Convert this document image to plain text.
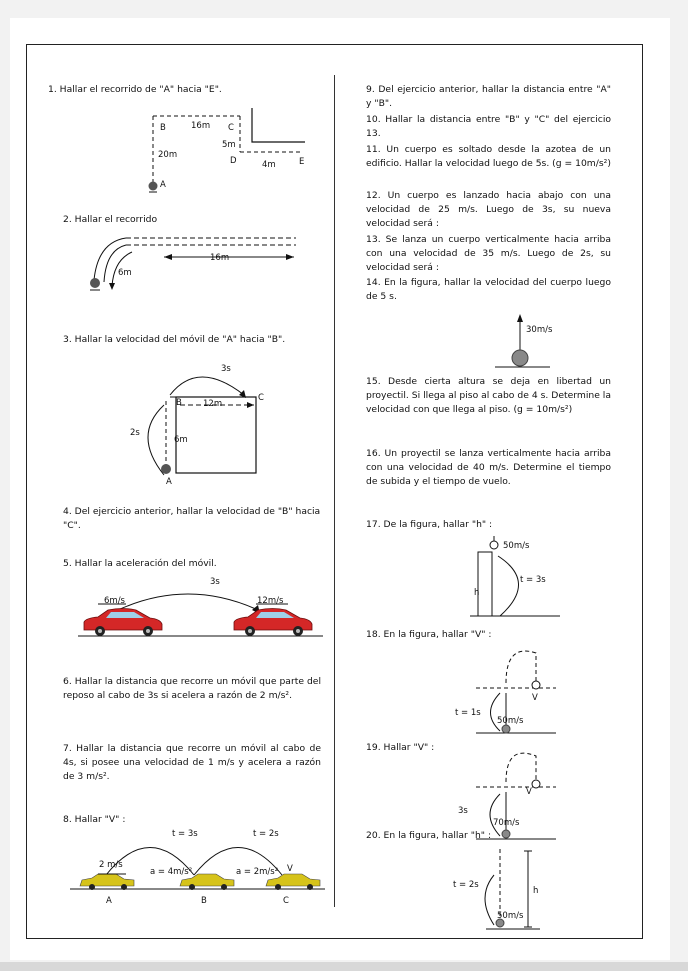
1. Hallar el recorrido de "A" hacia "E".
B	16m C
5m
20m
D	4m	E
A
2. Hallar el recorrido
16m
6m
3. Hallar la velocidad del móvil de "A" hacia "B".
3s
B 12m
C
2s
6m
A
4. Del ejercicio anterior, hallar la velocidad de "B" hacia "C".
5. Hallar la aceleración del móvil.
3s
6m/s	12m/s
6. Hallar la distancia que recorre un móvil que parte del reposo al cabo de 3s si acelera a razón de 2 m/s².
7. Hallar la distancia que recorre un móvil al cabo de 4s, si posee una velocidad de 1 m/s y acelera a razón de 3 m/s².
8. Hallar "V" :
t = 3s	t = 2s
2 m/s
a = 4m/s²	a = 2m/s² V
A	B	C
9. Del ejercicio anterior, hallar la distancia entre "A" y "B".
10. Hallar la distancia entre "B" y "C" del ejercicio 13.
11. Un cuerpo es soltado desde la azotea de un edificio. Hallar la velocidad luego de 5s. (g = 10m/s²)
12. Un cuerpo es lanzado hacia abajo con una velocidad de 25 m/s. Luego de 3s, su nueva velocidad será :
13. Se lanza un cuerpo verticalmente hacia arriba con una velocidad de 35 m/s. Luego de 2s, su velocidad será :
14. En la figura, hallar la velocidad del cuerpo luego de 5 s.
30m/s
15. Desde cierta altura se deja en libertad un proyectil. Si llega al piso al cabo de 4 s. Determine la velocidad con que llega al piso. (g = 10m/s²)
16. Un proyectil se lanza verticalmente hacia arriba con una velocidad de 40 m/s. Determine el tiempo de subida y el tiempo de vuelo.
17. De la figura, hallar "h" :
50m/s
t = 3s
h
18. En la figura, hallar "V" :
V
t = 1s
50m/s
19. Hallar "V" :
V
3s
70m/s
20. En la figura, hallar "h" :
t = 2s
h
50m/s
